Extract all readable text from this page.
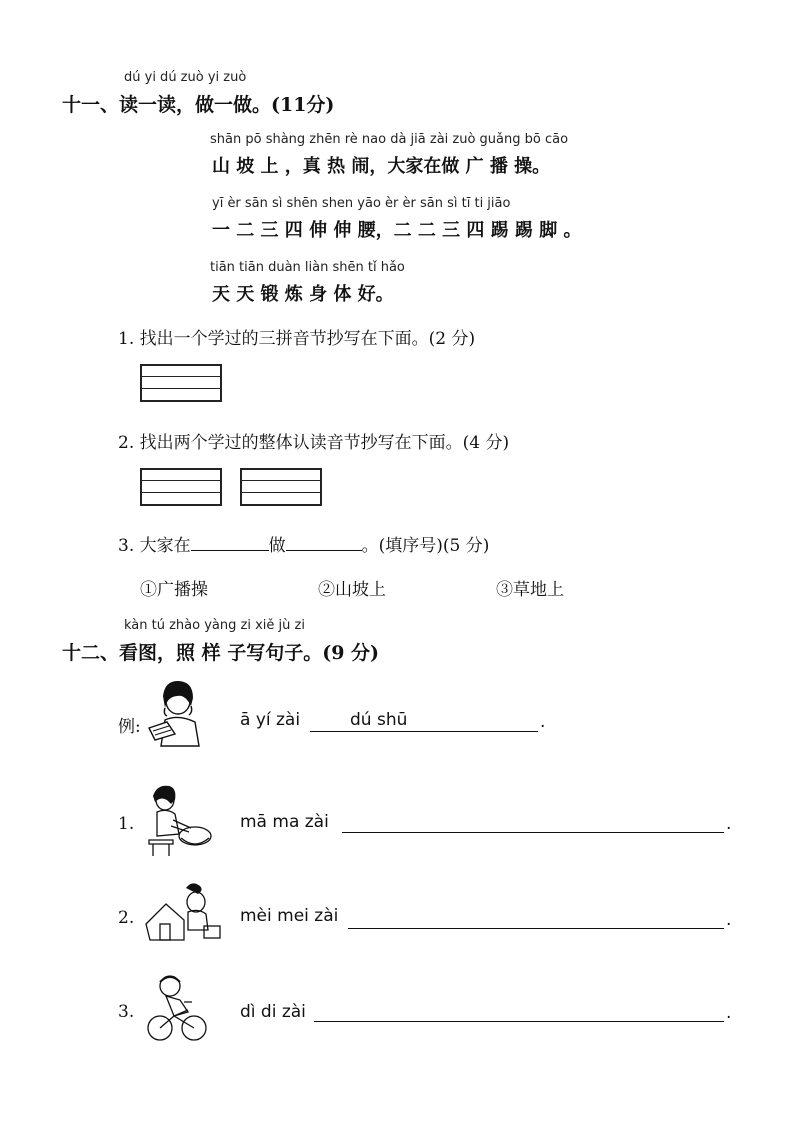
dú yi dú zuò yi zuò
十一、读一读，做一做。(11分)
shān pō shàng zhēn rè nao dà jiā zài zuò guǎng bō cāo
山 坡 上 ，真 热 闹，大家在做 广 播 操。
yī èr sān sì shēn shen yāo èr èr sān sì tī ti jiāo
一 二 三 四 伸 伸 腰，二 二 三 四 踢 踢 脚 。
tiān tiān duàn liàn shēn tǐ hǎo
天 天 锻 炼 身 体 好。
1. 找出一个学过的三拼音节抄写在下面。(2 分)
2. 找出两个学过的整体认读音节抄写在下面。(4 分)
3. 大家在	做	。(填序号)(5 分)
①广播操	②山坡上	③草地上
kàn tú zhào yàng zi xiě jù zi
十二、看图，照 样 子写句子。(9 分)
例:	ā yí zài	dú shū	.
1.	mā ma zài	.
2.	mèi mei zài	.
3.	dì di zài	.
